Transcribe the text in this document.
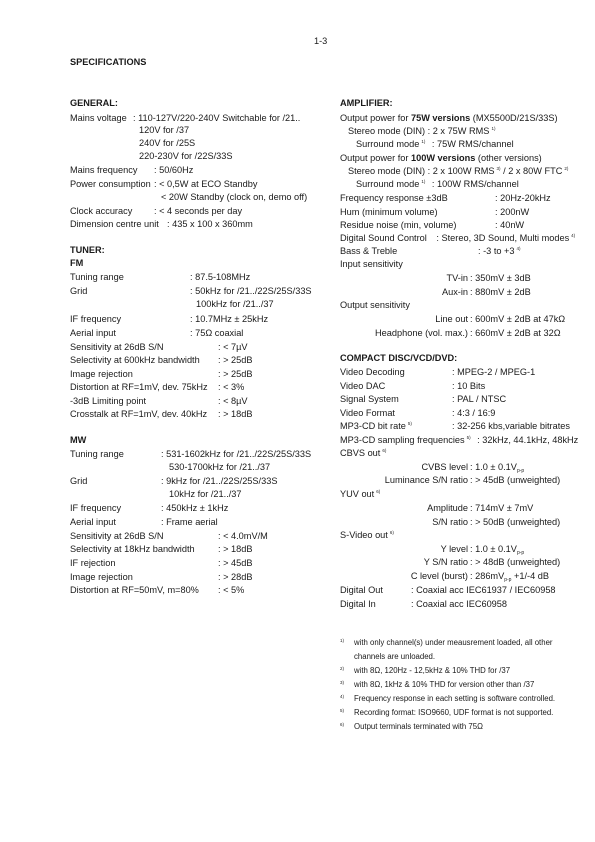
1-3
SPECIFICATIONS
GENERAL:
Mains voltage : 110-127V/220-240V Switchable for /21..
120V for /37
240V for /25S
220-230V for /22S/33S
Mains frequency : 50/60Hz
Power consumption : < 0,5W at ECO Standby
< 20W Standby (clock on, demo off)
Clock accuracy : < 4 seconds per day
Dimension centre unit : 435 x 100 x 360mm
TUNER:
FM
Tuning range	: 87.5-108MHz
Grid	: 50kHz for /21../22S/25S/33S
100kHz for /21../37
IF frequency	: 10.7MHz ± 25kHz
Aerial input	: 75Ω coaxial
Sensitivity at 26dB S/N	: < 7µV
Selectivity at 600kHz bandwidth : > 25dB
Image rejection	: > 25dB
Distortion at RF=1mV, dev. 75kHz : < 3%
-3dB Limiting point	: < 8µV
Crosstalk at RF=1mV, dev. 40kHz : > 18dB
MW
Tuning range	: 531-1602kHz for /21../22S/25S/33S
530-1700kHz for /21../37
Grid	: 9kHz for /21../22S/25S/33S
10kHz for /21../37
IF frequency	: 450kHz ± 1kHz
Aerial input	: Frame aerial
Sensitivity at 26dB S/N	: < 4.0mV/M
Selectivity at 18kHz bandwidth	: > 18dB
IF rejection	: > 45dB
Image rejection	: > 28dB
Distortion at RF=50mV, m=80% : < 5%
AMPLIFIER:
Output power for 75W versions (MX5500D/21S/33S)
Stereo mode (DIN) : 2 x 75W RMS $^{1)}$
Surround mode $^{1)}$ : 75W RMS/channel
Output power for 100W versions (other versions)
Stereo mode (DIN) : 2 x 100W RMS $^{3)}$ / 2 x 80W FTC $^{2)}$
Surround mode $^{1)}$ : 100W RMS/channel
Frequency response ±3dB	: 20Hz-20kHz
Hum (minimum volume)	: 200nW
Residue noise (min, volume)	: 40nW
Digital Sound Control : Stereo, 3D Sound, Multi modes $^{4)}$
Bass & Treble	: -3 to +3 $^{4)}$
Input sensitivity
TV-in : 350mV ± 3dB
Aux-in : 880mV ± 2dB
Output sensitivity
Line out : 600mV ± 2dB at 47kΩ
Headphone (vol. max.) : 660mV ± 2dB at 32Ω
COMPACT DISC/VCD/DVD:
Video Decoding	: MPEG-2 / MPEG-1
Video DAC	: 10 Bits
Signal System	: PAL / NTSC
Video Format	: 4:3 / 16:9
MP3-CD bit rate $^{5)}$	: 32-256 kbs,variable bitrates
MP3-CD sampling frequencies $^{5)}$ : 32kHz, 44.1kHz, 48kHz
CBVS out $^{6)}$
CVBS level : $1.0 \pm 0.1V_{p-p}$
Luminance S/N ratio : > 45dB (unweighted)
YUV out $^{6)}$
Amplitude : 714mV ± 7mV
S/N ratio : > 50dB (unweighted)
S-Video out $^{6)}$
Y level : $1.0 \pm 0.1V_{p-p}$
Y S/N ratio : > 48dB (unweighted)
C level (burst) : $286mV_{p-p} +1/-4$ dB
Digital Out	: Coaxial acc IEC61937 / IEC60958
Digital In	: Coaxial acc IEC60958
1) with only channel(s) under meausrement loaded, all other
channels are unloaded.
2) with 8Ω, 120Hz - 12,5kHz & 10% THD for /37
3) with 8Ω, 1kHz & 10% THD for version other than /37
4) Frequency response in each setting is software controlled.
5) Recording format: ISO9660, UDF format is not supported.
6) Output terminals terminated with 75Ω
